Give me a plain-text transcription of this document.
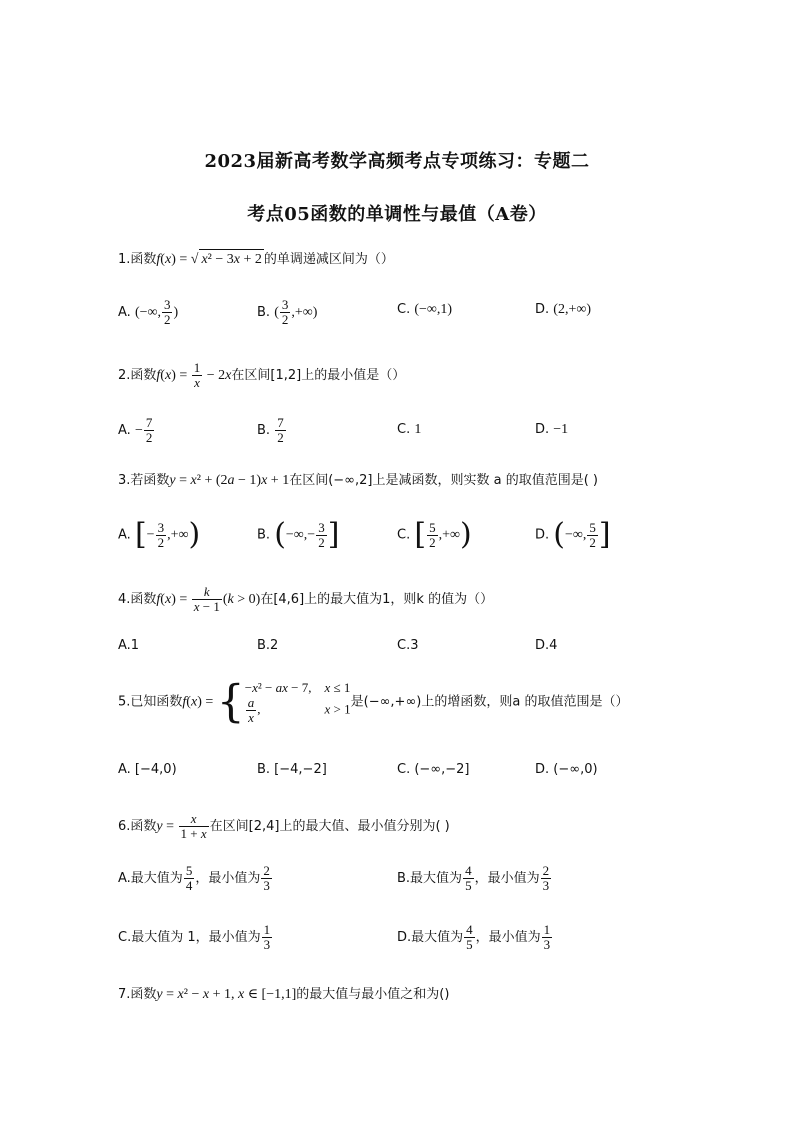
2023届新高考数学高频考点专项练习：专题二
考点05函数的单调性与最值（A卷）
1.函数f(x) = √ x² − 3x + 2 的单调递减区间为（）
A. (−∞, $\frac{3}{2}$ )	B. ( $\frac{3}{2}$ ,+∞)	C. (−∞,1)	D. (2,+∞)
2.函数$f(x) = \frac{1}{x} - 2x$在区间[1,2]上的最小值是（）
A. − $\frac{7}{2}$	B. $\frac{7}{2}$	C. 1	D. −1
3.若函数y = x² + (2a − 1)x + 1在区间(−∞,2]上是减函数，则实数 a 的取值范围是( )
A. [− $\frac{3}{2}$ ,+∞)	B. (−∞,− $\frac{3}{2}$ ]	C. [ $\frac{5}{2}$ ,+∞)	D. (−∞, $\frac{5}{2}$ ]
4.函数$f(x) = \frac{k}{x - 1} (k > 0)$在[4,6]上的最大值为1，则k 的值为（）
A.1	B.2	C.3	D.4
5.已知函数f(x) = { −x² − ax − 7,    x ≤ 1
$\frac{a}{x}$ ,	x > 1 是(−∞,+∞)上的增函数，则a 的取值范围是（）
A. [−4,0)	B. [−4,−2]	C. (−∞,−2]	D. (−∞,0)
6.函数$y = \frac{x}{1 + x}$ 在区间[2,4]上的最大值、最小值分别为( )
A.最大值为 $\frac{5}{4}$ ，最小值为 $\frac{2}{3}$	B.最大值为 $\frac{4}{5}$ ，最小值为 $\frac{2}{3}$
C.最大值为 1，最小值为 $\frac{1}{3}$	D.最大值为 $\frac{4}{5}$ ，最小值为 $\frac{1}{3}$
7.函数y = x² − x + 1, x ∈ [−1,1]的最大值与最小值之和为()
